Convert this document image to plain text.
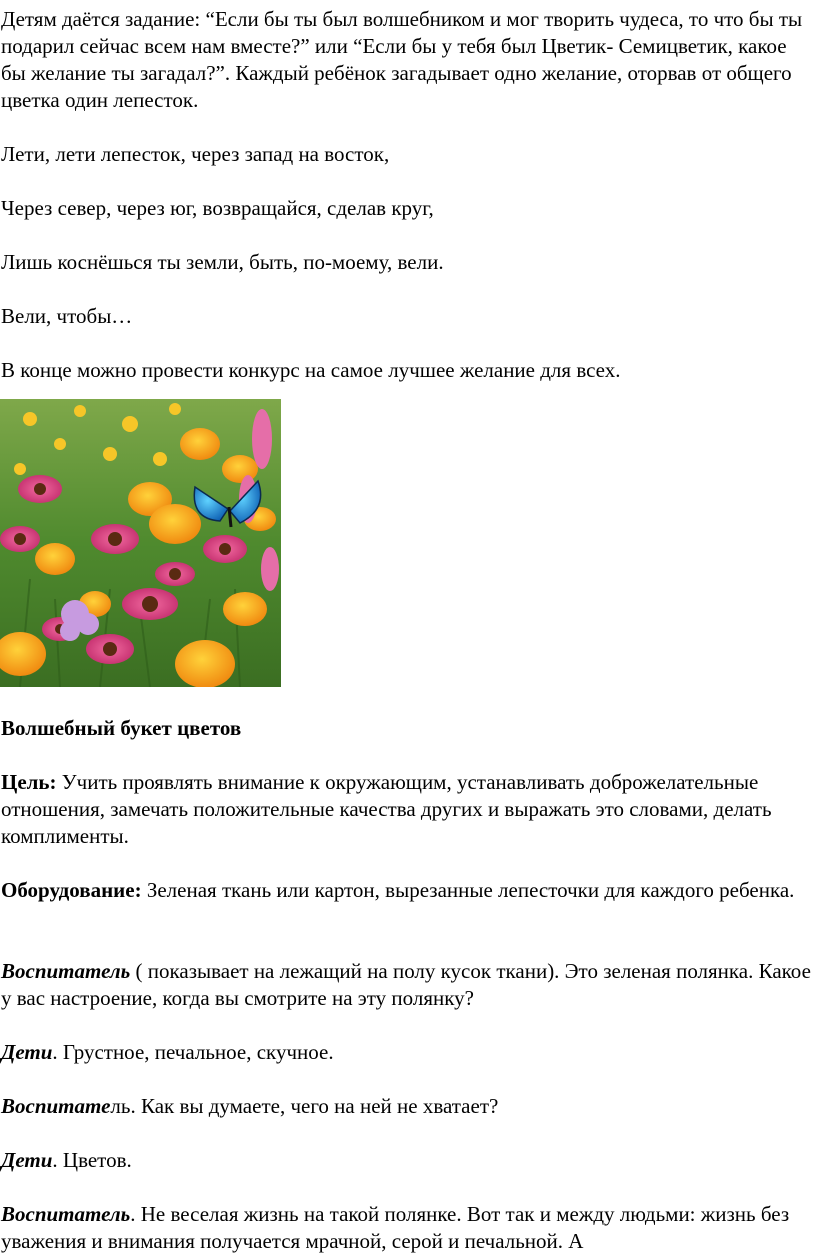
Детям даётся задание: “Если бы ты был волшебником и мог творить чудеса, то что бы ты подарил сейчас всем нам вместе?” или “Если бы у тебя был Цветик- Семицветик, какое бы желание ты загадал?”. Каждый ребёнок загадывает одно желание, оторвав от общего цветка один лепесток.

Лети, лети лепесток, через запад на восток,

Через север, через юг, возвращайся, сделав круг,

Лишь коснёшься ты земли, быть, по-моему, вели.

Вели, чтобы…

В конце можно провести конкурс на самое лучшее желание для всех.

Волшебный букет цветов

Цель: Учить проявлять внимание к окружающим, устанавливать доброжелательные отношения, замечать положительные качества других и выражать это словами, делать комплименты.

Оборудование: Зеленая ткань или картон, вырезанные лепесточки для каждого ребенка.

Воспитатель ( показывает на лежащий на полу кусок ткани). Это зеленая полянка. Какое у вас настроение, когда вы смотрите на эту полянку?

Дети. Грустное, печальное, скучное.

Воспитатель. Как вы думаете, чего на ней не хватает?

Дети. Цветов.

Воспитатель. Не веселая жизнь на такой полянке. Вот так и между людьми: жизнь без уважения и внимания получается мрачной, серой и печальной. А
